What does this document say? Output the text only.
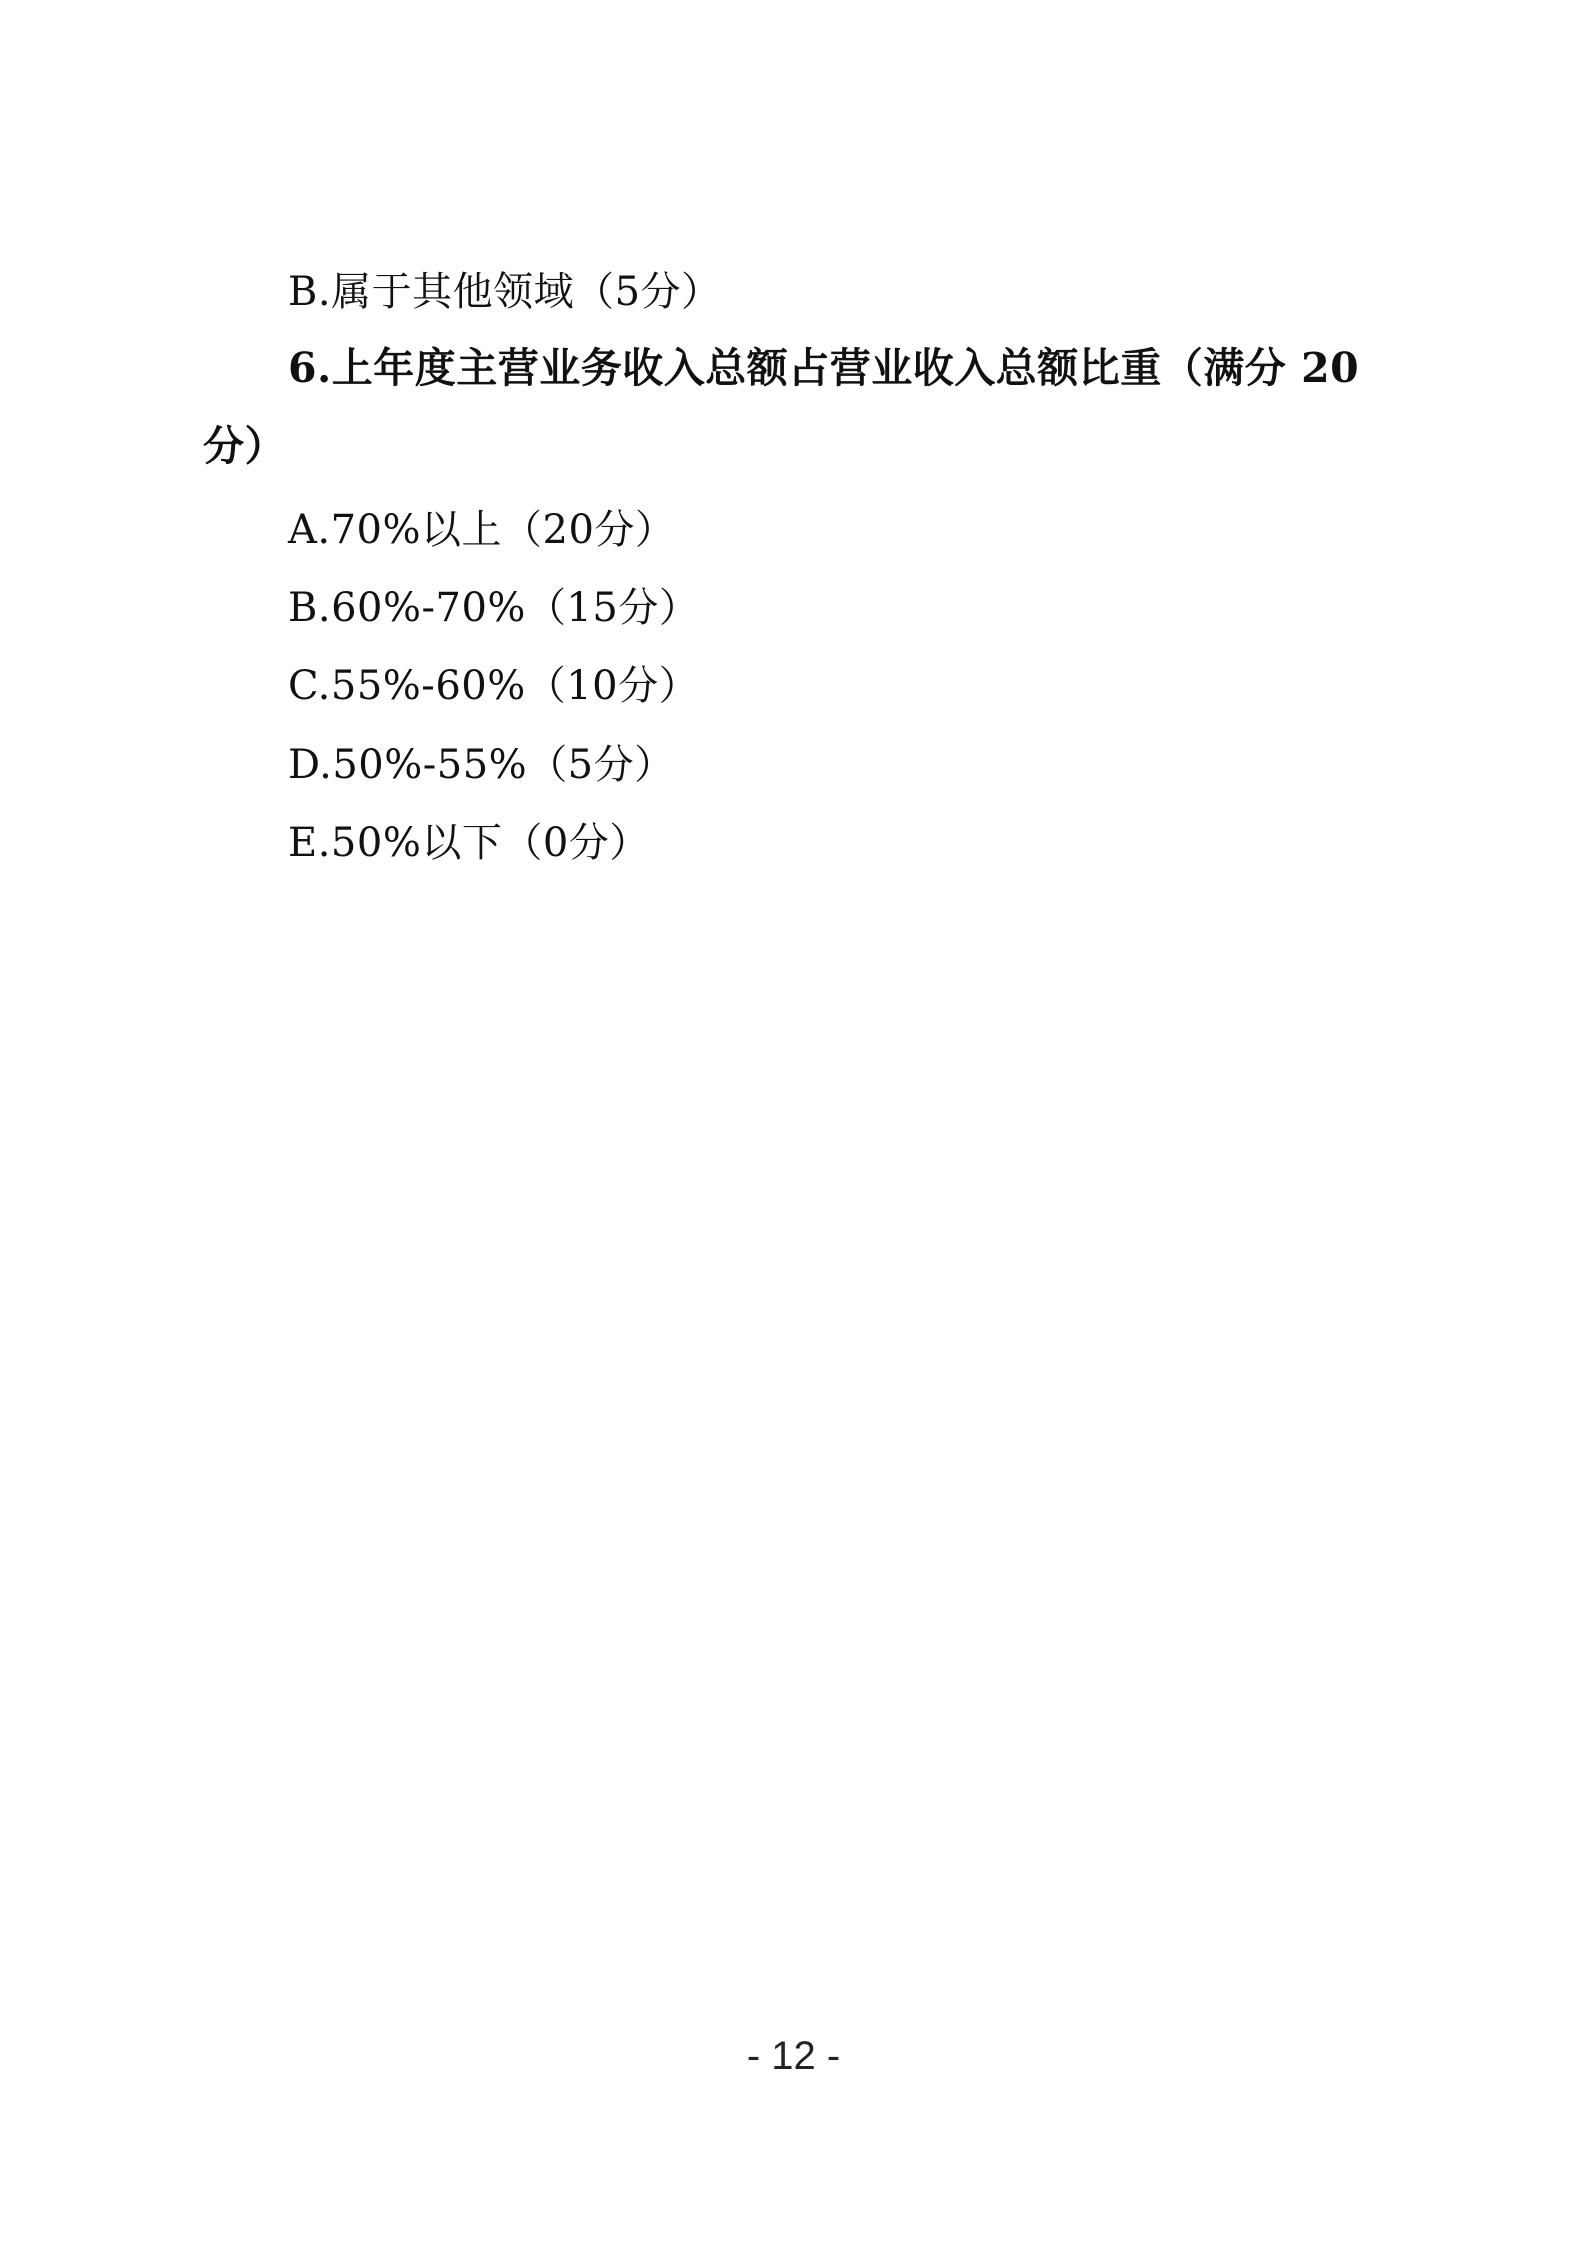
B.属于其他领域（5分）
6.上年度主营业务收入总额占营业收入总额比重（满分 20
分）
A.70%以上（20分）
B.60%-70%（15分）
C.55%-60%（10分）
D.50%-55%（5分）
E.50%以下（0分）
- 12 -
